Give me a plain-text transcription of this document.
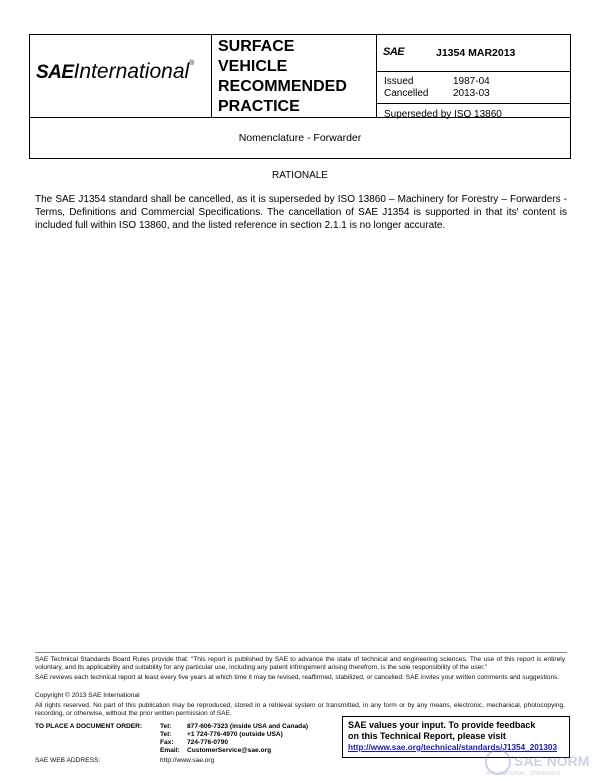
SAEInternational®
SURFACE
VEHICLE
RECOMMENDED
PRACTICE
SAE	J1354 MAR2013
Issued	1987-04
Cancelled 2013-03
Superseded by ISO 13860
Nomenclature - Forwarder
RATIONALE
The SAE J1354 standard shall be cancelled, as it is superseded by ISO 13860 – Machinery for Forestry – Forwarders - Terms, Definitions and Commercial Specifications. The cancellation of SAE J1354 is supported in that its' content is included full within ISO 13860, and the listed reference in section 2.1.1 is no longer accurate.
SAE Technical Standards Board Rules provide that: “This report is published by SAE to advance the state of technical and engineering sciences. The use of this report is entirely voluntary, and its applicability and suitability for any particular use, including any patent infringement arising therefrom, is the sole responsibility of the user.”
SAE reviews each technical report at least every five years at which time it may be revised, reaffirmed, stabilized, or cancelled. SAE invites your written comments and suggestions.
Copyright © 2013 SAE International
All rights reserved. No part of this publication may be reproduced, stored in a retrieval system or transmitted, in any form or by any means, electronic, mechanical, photocopying, recording, or otherwise, without the prior written permission of SAE.
TO PLACE A DOCUMENT ORDER:	Tel: 877-606-7323 (inside USA and Canada)
Tel: +1 724-776-4970 (outside USA)
Fax: 724-776-0790
Email: CustomerService@sae.org
SAE WEB ADDRESS:	http://www.sae.org
SAE values your input. To provide feedback
on this Technical Report, please visit
http://www.sae.org/technical/standards/J1354_201303
SAE NORM
INTERNATIONAL · STANDARDS
